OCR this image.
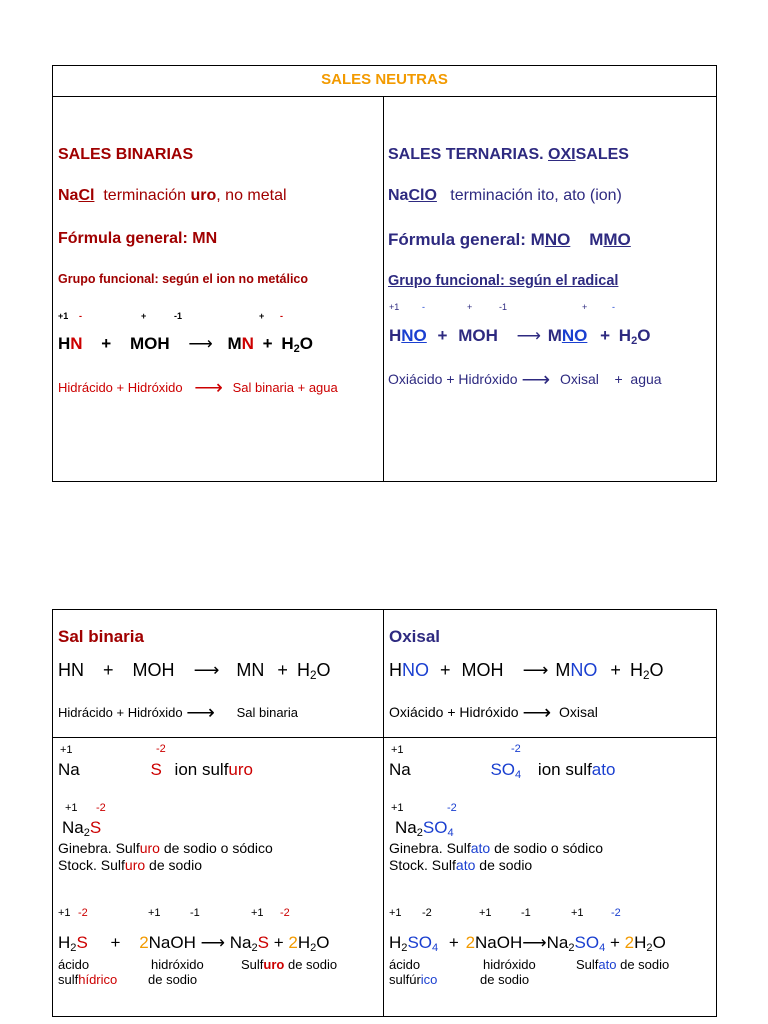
SALES NEUTRAS
SALES BINARIAS
NaCl terminación uro, no metal
Fórmula general: MN
Grupo funcional: según el ion no metálico
+1 -	+	-1	+ -
HN + MOH ⟶ MN + $H_2O$
Hidrácido + Hidróxido ⟶ Sal binaria + agua
SALES TERNARIAS. OXISALES
NaClO terminación ito, ato (ion)
Fórmula general: MNO MMO
Grupo funcional: según el radical
+1	-	+	-1	+	-
HNO + MOH ⟶ MNO + $H_2O$
Oxiácido + Hidróxido ⟶ Oxisal    +  agua
Sal binaria
HN + MOH ⟶ MN + $H_2O$
Hidrácido + Hidróxido ⟶ Sal binaria
Oxisal
HNO + MOH ⟶ MNO + $H_2O$
Oxiácido + Hidróxido ⟶ Oxisal
+1	-2
Na	S ion sulfuro
+1 -2
$Na_2S$
Ginebra. Sulfuro de sodio o sódico
Stock. Sulfuro de sodio
+1 -2	+1	-1	+1 -2
$H_2S$ + 2NaOH ⟶ $Na_2S + 2H_2O$
ácido
sulfhídrico
hidróxido
de sodio
Sulfuro de sodio
+1	-2
Na	$SO_4$ ion sulfato
+1	-2
$Na_2SO_4$
Ginebra. Sulfato de sodio o sódico
Stock. Sulfato de sodio
+1 -2	+1	-1	+1 -2
$H_2SO_4$ + $2NaOH⟶Na_2SO_4 + 2H_2O$
ácido
sulfúrico
hidróxido
de sodio
Sulfato de sodio
